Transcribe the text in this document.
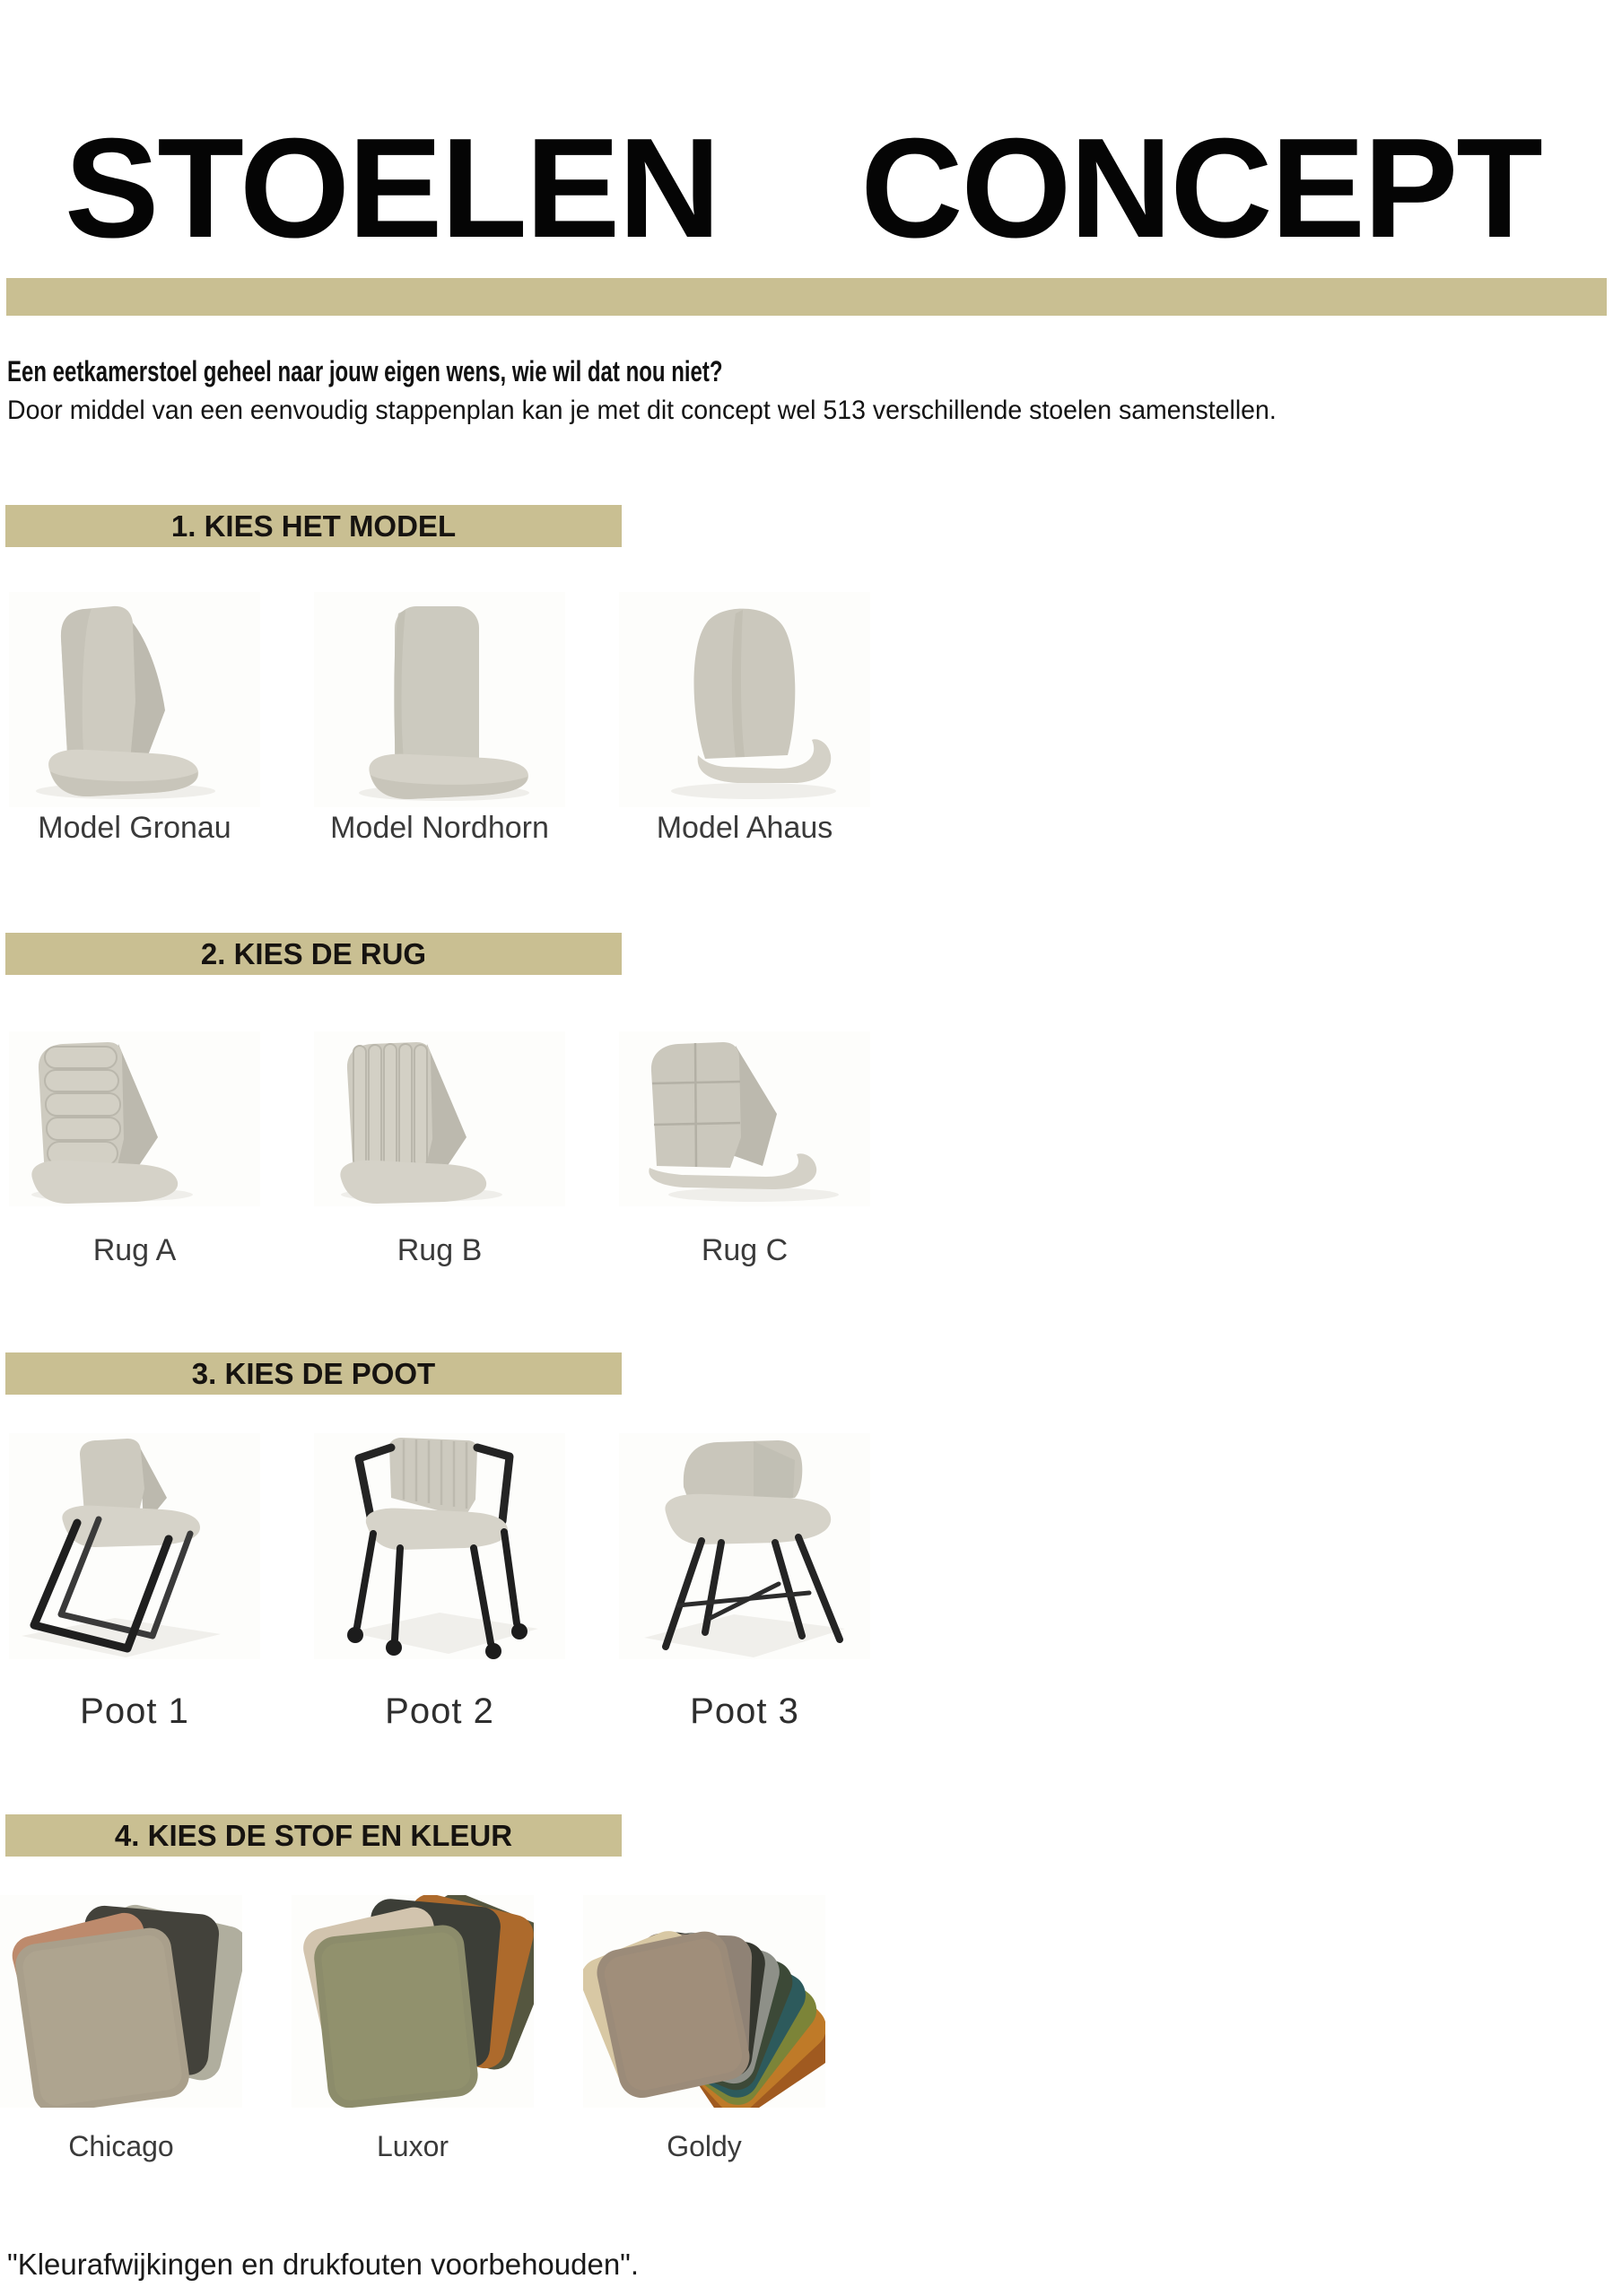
STOELEN CONCEPT
Een eetkamerstoel geheel naar jouw eigen wens, wie wil dat nou niet?
Door middel van een eenvoudig stappenplan kan je met dit concept wel 513 verschillende stoelen samenstellen.
1. KIES HET MODEL
Model Gronau	Model Nordhorn	Model Ahaus
2. KIES DE RUG
Rug A	Rug B	Rug C
3. KIES DE POOT
Poot 1	Poot 2	Poot 3
4. KIES DE STOF EN KLEUR
Chicago	Luxor	Goldy
"Kleurafwijkingen en drukfouten voorbehouden".
